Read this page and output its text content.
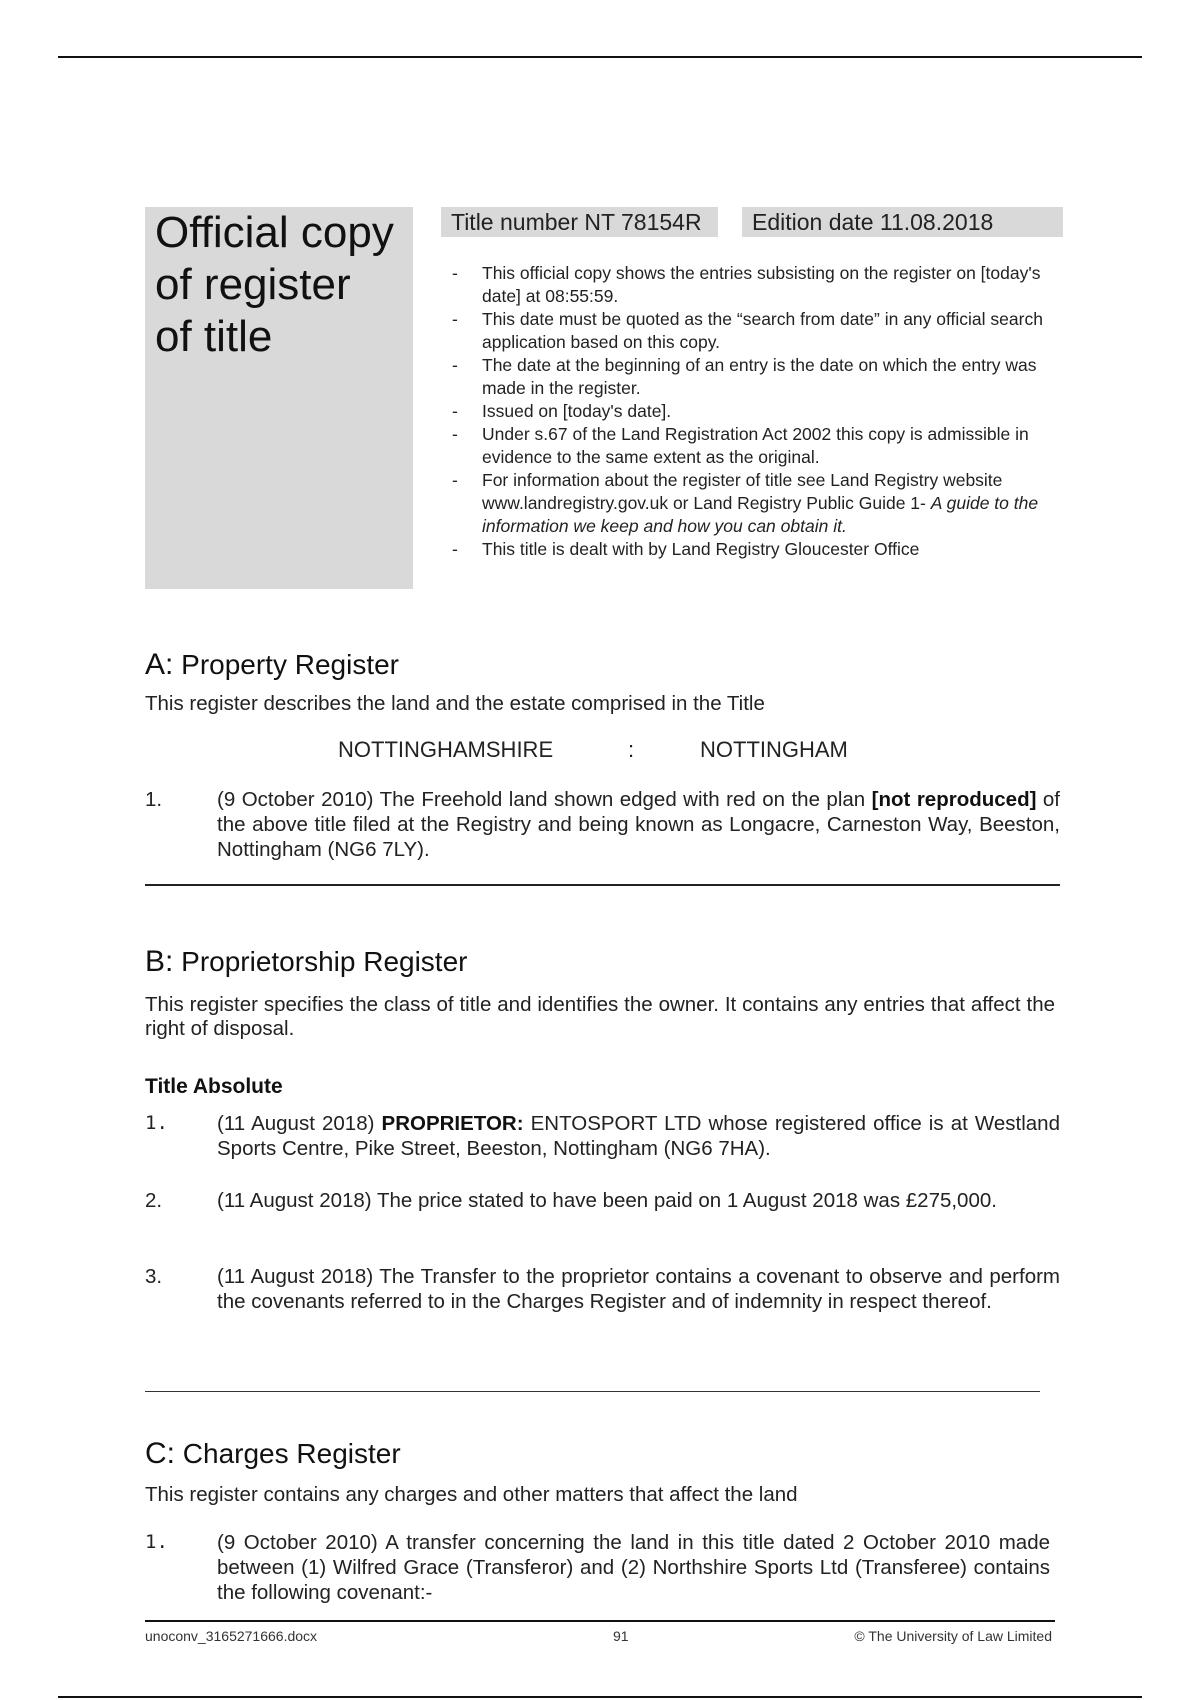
Official copy
of register
of title
Title number NT 78154R	Edition date 11.08.2018
- This official copy shows the entries subsisting on the register on [today's date] at 08:55:59.
- This date must be quoted as the “search from date” in any official search application based on this copy.
- The date at the beginning of an entry is the date on which the entry was made in the register.
- Issued on [today's date].
- Under s.67 of the Land Registration Act 2002 this copy is admissible in evidence to the same extent as the original.
- For information about the register of title see Land Registry website www.landregistry.gov.uk or Land Registry Public Guide 1- A guide to the information we keep and how you can obtain it.
- This title is dealt with by Land Registry Gloucester Office
A: Property Register
This register describes the land and the estate comprised in the Title
NOTTINGHAMSHIRE	:	NOTTINGHAM
1.	(9 October 2010) The Freehold land shown edged with red on the plan [not reproduced] of the above title filed at the Registry and being known as Longacre, Carneston Way, Beeston, Nottingham (NG6 7LY).
B: Proprietorship Register
This register specifies the class of title and identifies the owner. It contains any entries that affect the right of disposal.
Title Absolute
1. (11 August 2018) PROPRIETOR: ENTOSPORT LTD whose registered office is at Westland Sports Centre, Pike Street, Beeston, Nottingham (NG6 7HA).
2.	(11 August 2018) The price stated to have been paid on 1 August 2018 was £275,000.
3.	(11 August 2018) The Transfer to the proprietor contains a covenant to observe and perform the covenants referred to in the Charges Register and of indemnity in respect thereof.
C: Charges Register
This register contains any charges and other matters that affect the land
1. (9 October 2010) A transfer concerning the land in this title dated 2 October 2010 made between (1) Wilfred Grace (Transferor) and (2) Northshire Sports Ltd (Transferee) contains the following covenant:-
unoconv_3165271666.docx	91	© The University of Law Limited
